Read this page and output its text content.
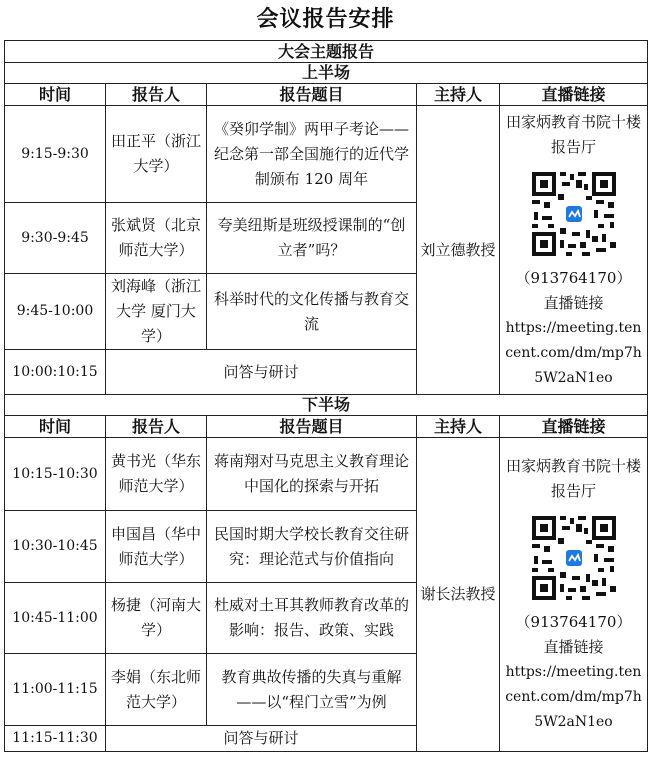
会议报告安排
大会主题报告				
上半场				
时间	报告人	报告题目	主持人	直播链接
9:15-9:30	田正平（浙江大学）	《癸卯学制》两甲子考论——纪念第一部全国施行的近代学制颁布 120 周年	刘立德教授	田家炳教育书院十楼报告厅
（913764170）
直播链接
https://meeting.tencent.com/dm/mp7h5W2aN1eo

9:30-9:45	张斌贤（北京师范大学）	夸美纽斯是班级授课制的“创立者”吗？		
9:45-10:00	刘海峰（浙江大学 厦门大学）	科举时代的文化传播与教育交流		
10:00:10:15	问答与研讨			
下半场				
时间	报告人	报告题目	主持人	直播链接
10:15-10:30	黄书光（华东师范大学）	蒋南翔对马克思主义教育理论中国化的探索与开拓	谢长法教授	田家炳教育书院十楼报告厅
（913764170）
直播链接
https://meeting.tencent.com/dm/mp7h5W2aN1eo

10:30-10:45	申国昌（华中师范大学）	民国时期大学校长教育交往研究：理论范式与价值指向		
10:45-11:00	杨捷（河南大学）	杜威对土耳其教师教育改革的影响：报告、政策、实践		
11:00-11:15	李娟（东北师范大学）	教育典故传播的失真与重解——以“程门立雪”为例		
11:15-11:30	问答与研讨			
